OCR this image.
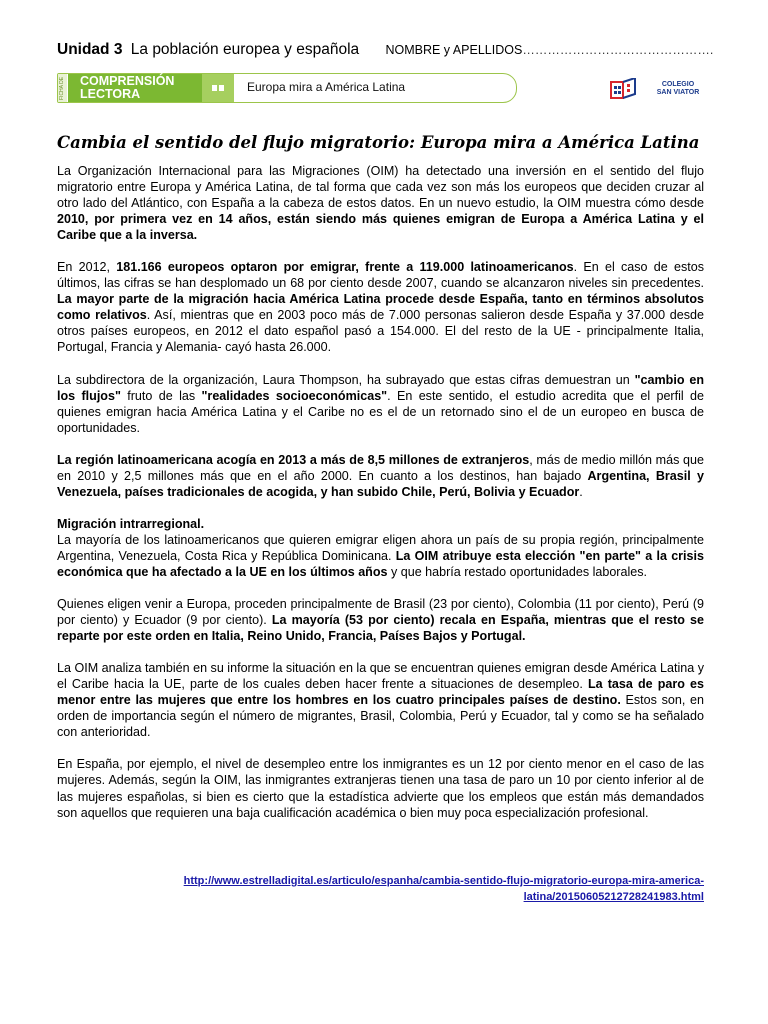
Unidad 3 La población europea y española NOMBRE y APELLIDOS……………………………………….
FICHA DE COMPRENSIÓN
LECTORA	Europa mira a América Latina	COLEGIO
SAN VIATOR
Cambia el sentido del flujo migratorio: Europa mira a América Latina

La Organización Internacional para las Migraciones (OIM) ha detectado una inversión en el sentido del flujo migratorio entre Europa y América Latina, de tal forma que cada vez son más los europeos que deciden cruzar al otro lado del Atlántico, con España a la cabeza de estos datos. En un nuevo estudio, la OIM muestra cómo desde 2010, por primera vez en 14 años, están siendo más quienes emigran de Europa a América Latina y el Caribe que a la inversa.

En 2012, 181.166 europeos optaron por emigrar, frente a 119.000 latinoamericanos. En el caso de estos últimos, las cifras se han desplomado un 68 por ciento desde 2007, cuando se alcanzaron niveles sin precedentes. La mayor parte de la migración hacia América Latina procede desde España, tanto en términos absolutos como relativos. Así, mientras que en 2003 poco más de 7.000 personas salieron desde España y 37.000 desde otros países europeos, en 2012 el dato español pasó a 154.000. El del resto de la UE - principalmente Italia, Portugal, Francia y Alemania- cayó hasta 26.000.

La subdirectora de la organización, Laura Thompson, ha subrayado que estas cifras demuestran un "cambio en los flujos" fruto de las "realidades socioeconómicas". En este sentido, el estudio acredita que el perfil de quienes emigran hacia América Latina y el Caribe no es el de un retornado sino el de un europeo en busca de oportunidades.

La región latinoamericana acogía en 2013 a más de 8,5 millones de extranjeros, más de medio millón más que en 2010 y 2,5 millones más que en el año 2000. En cuanto a los destinos, han bajado Argentina, Brasil y Venezuela, países tradicionales de acogida, y han subido Chile, Perú, Bolivia y Ecuador.

Migración intrarregional.

La mayoría de los latinoamericanos que quieren emigrar eligen ahora un país de su propia región, principalmente Argentina, Venezuela, Costa Rica y República Dominicana. La OIM atribuye esta elección "en parte" a la crisis económica que ha afectado a la UE en los últimos años y que habría restado oportunidades laborales.

Quienes eligen venir a Europa, proceden principalmente de Brasil (23 por ciento), Colombia (11 por ciento), Perú (9 por ciento) y Ecuador (9 por ciento). La mayoría (53 por ciento) recala en España, mientras que el resto se reparte por este orden en Italia, Reino Unido, Francia, Países Bajos y Portugal.

La OIM analiza también en su informe la situación en la que se encuentran quienes emigran desde América Latina y el Caribe hacia la UE, parte de los cuales deben hacer frente a situaciones de desempleo. La tasa de paro es menor entre las mujeres que entre los hombres en los cuatro principales países de destino. Estos son, en orden de importancia según el número de migrantes, Brasil, Colombia, Perú y Ecuador, tal y como se ha señalado con anterioridad.

En España, por ejemplo, el nivel de desempleo entre los inmigrantes es un 12 por ciento menor en el caso de las mujeres. Además, según la OIM, las inmigrantes extranjeras tienen una tasa de paro un 10 por ciento inferior al de las mujeres españolas, si bien es cierto que la estadística advierte que los empleos que están más demandados son aquellos que requieren una baja cualificación académica o bien muy poca especialización profesional.

http://www.estrelladigital.es/articulo/espanha/cambia-sentido-flujo-migratorio-europa-mira-america-
latina/20150605212728241983.html
